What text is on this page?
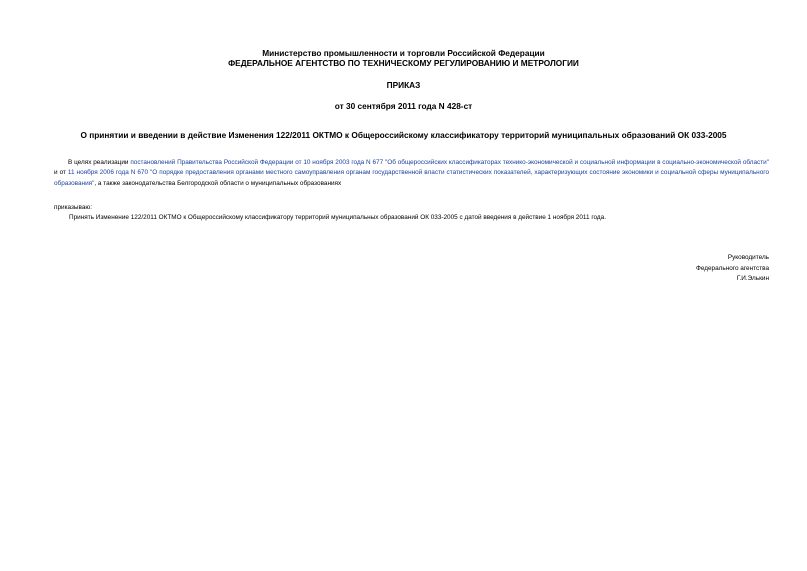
Министерство промышленности и торговли Российской Федерации
ФЕДЕРАЛЬНОЕ АГЕНТСТВО ПО ТЕХНИЧЕСКОМУ РЕГУЛИРОВАНИЮ И МЕТРОЛОГИИ
ПРИКАЗ
от 30 сентября 2011 года N 428-ст
О принятии и введении в действие Изменения 122/2011 ОКТМО к Общероссийскому классификатору территорий муниципальных образований ОК 033-2005
В целях реализации постановлений Правительства Российской Федерации от 10 ноября 2003 года N 677 "Об общероссийских классификаторах технико-экономической и социальной информации в социально-экономической области" и от 11 ноября 2006 года N 670 "О порядке предоставления органами местного самоуправления органам государственной власти статистических показателей, характеризующих состояние экономики и социальной сферы муниципального образования", а также законодательства Белгородской области о муниципальных образованиях
приказываю:
Принять Изменение 122/2011 ОКТМО к Общероссийскому классификатору территорий муниципальных образований ОК 033-2005 с датой введения в действие 1 ноября 2011 года.
Руководитель
Федерального агентства
Г.И.Элькин
